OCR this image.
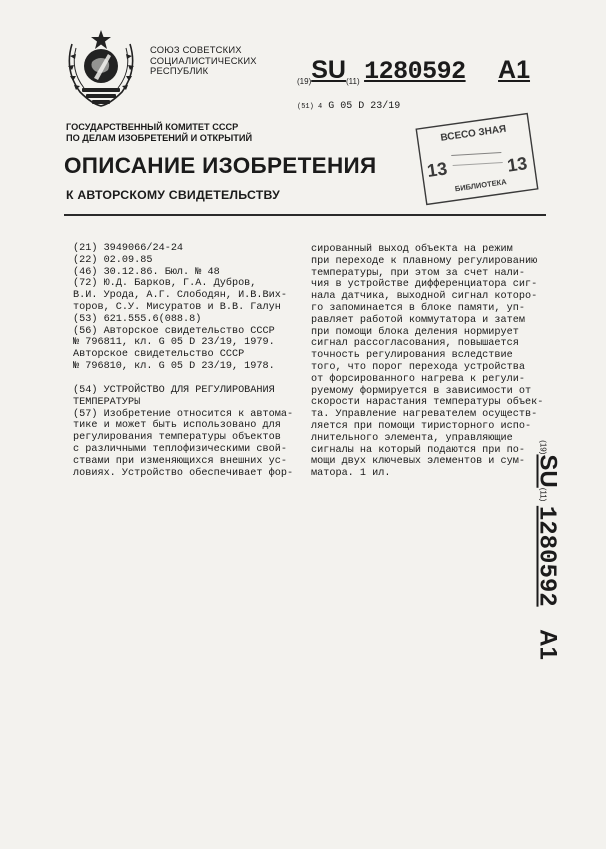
СОЮЗ СОВЕТСКИХ
СОЦИАЛИСТИЧЕСКИХ
РЕСПУБЛИК
(19)SU(11) 1280592 A1
(51) 4 G 05 D 23/19
ГОСУДАРСТВЕННЫЙ КОМИТЕТ СССР
ПО ДЕЛАМ ИЗОБРЕТЕНИЙ И ОТКРЫТИЙ
ОПИСАНИЕ ИЗОБРЕТЕНИЯ
К АВТОРСКОМУ СВИДЕТЕЛЬСТВУ
ВСЕСО ЗНАЯ
13	13
БИБЛИОТЕКА
(21) 3949066/24-24
(22) 02.09.85
(46) 30.12.86. Бюл. № 48
(72) Ю.Д. Барков, Г.А. Дубров,
В.И. Урода, А.Г. Слободян, И.В.Вих-
торов, С.У. Мисуратов и В.В. Галун
(53) 621.555.6(088.8)
(56) Авторское свидетельство СССР
№ 796811, кл. G 05 D 23/19, 1979.
Авторское свидетельство СССР
№ 796810, кл. G 05 D 23/19, 1978.
(54) УСТРОЙСТВО ДЛЯ РЕГУЛИРОВАНИЯ
ТЕМПЕРАТУРЫ
(57) Изобретение относится к автома-
тике и может быть использовано для
регулирования температуры объектов
с различными теплофизическими свой-
ствами при изменяющихся внешних ус-
ловиях. Устройство обеспечивает фор-
сированный выход объекта на режим
при переходе к плавному регулированию
температуры, при этом за счет нали-
чия в устройстве дифференциатора сиг-
нала датчика, выходной сигнал которо-
го запоминается в блоке памяти, уп-
равляет работой коммутатора и затем
при помощи блока деления нормирует
сигнал рассогласования, повышается
точность регулирования вследствие
того, что порог перехода устройства
от форсированного нагрева к регули-
руемому формируется в зависимости от
скорости нарастания температуры объек-
та. Управление нагревателем осуществ-
ляется при помощи тиристорного испо-
лнительного элемента, управляющие
сигналы на который подаются при по-
мощи двух ключевых элементов и сум-
матора. 1 ил.
(19)SU(11) 1280592 A1
